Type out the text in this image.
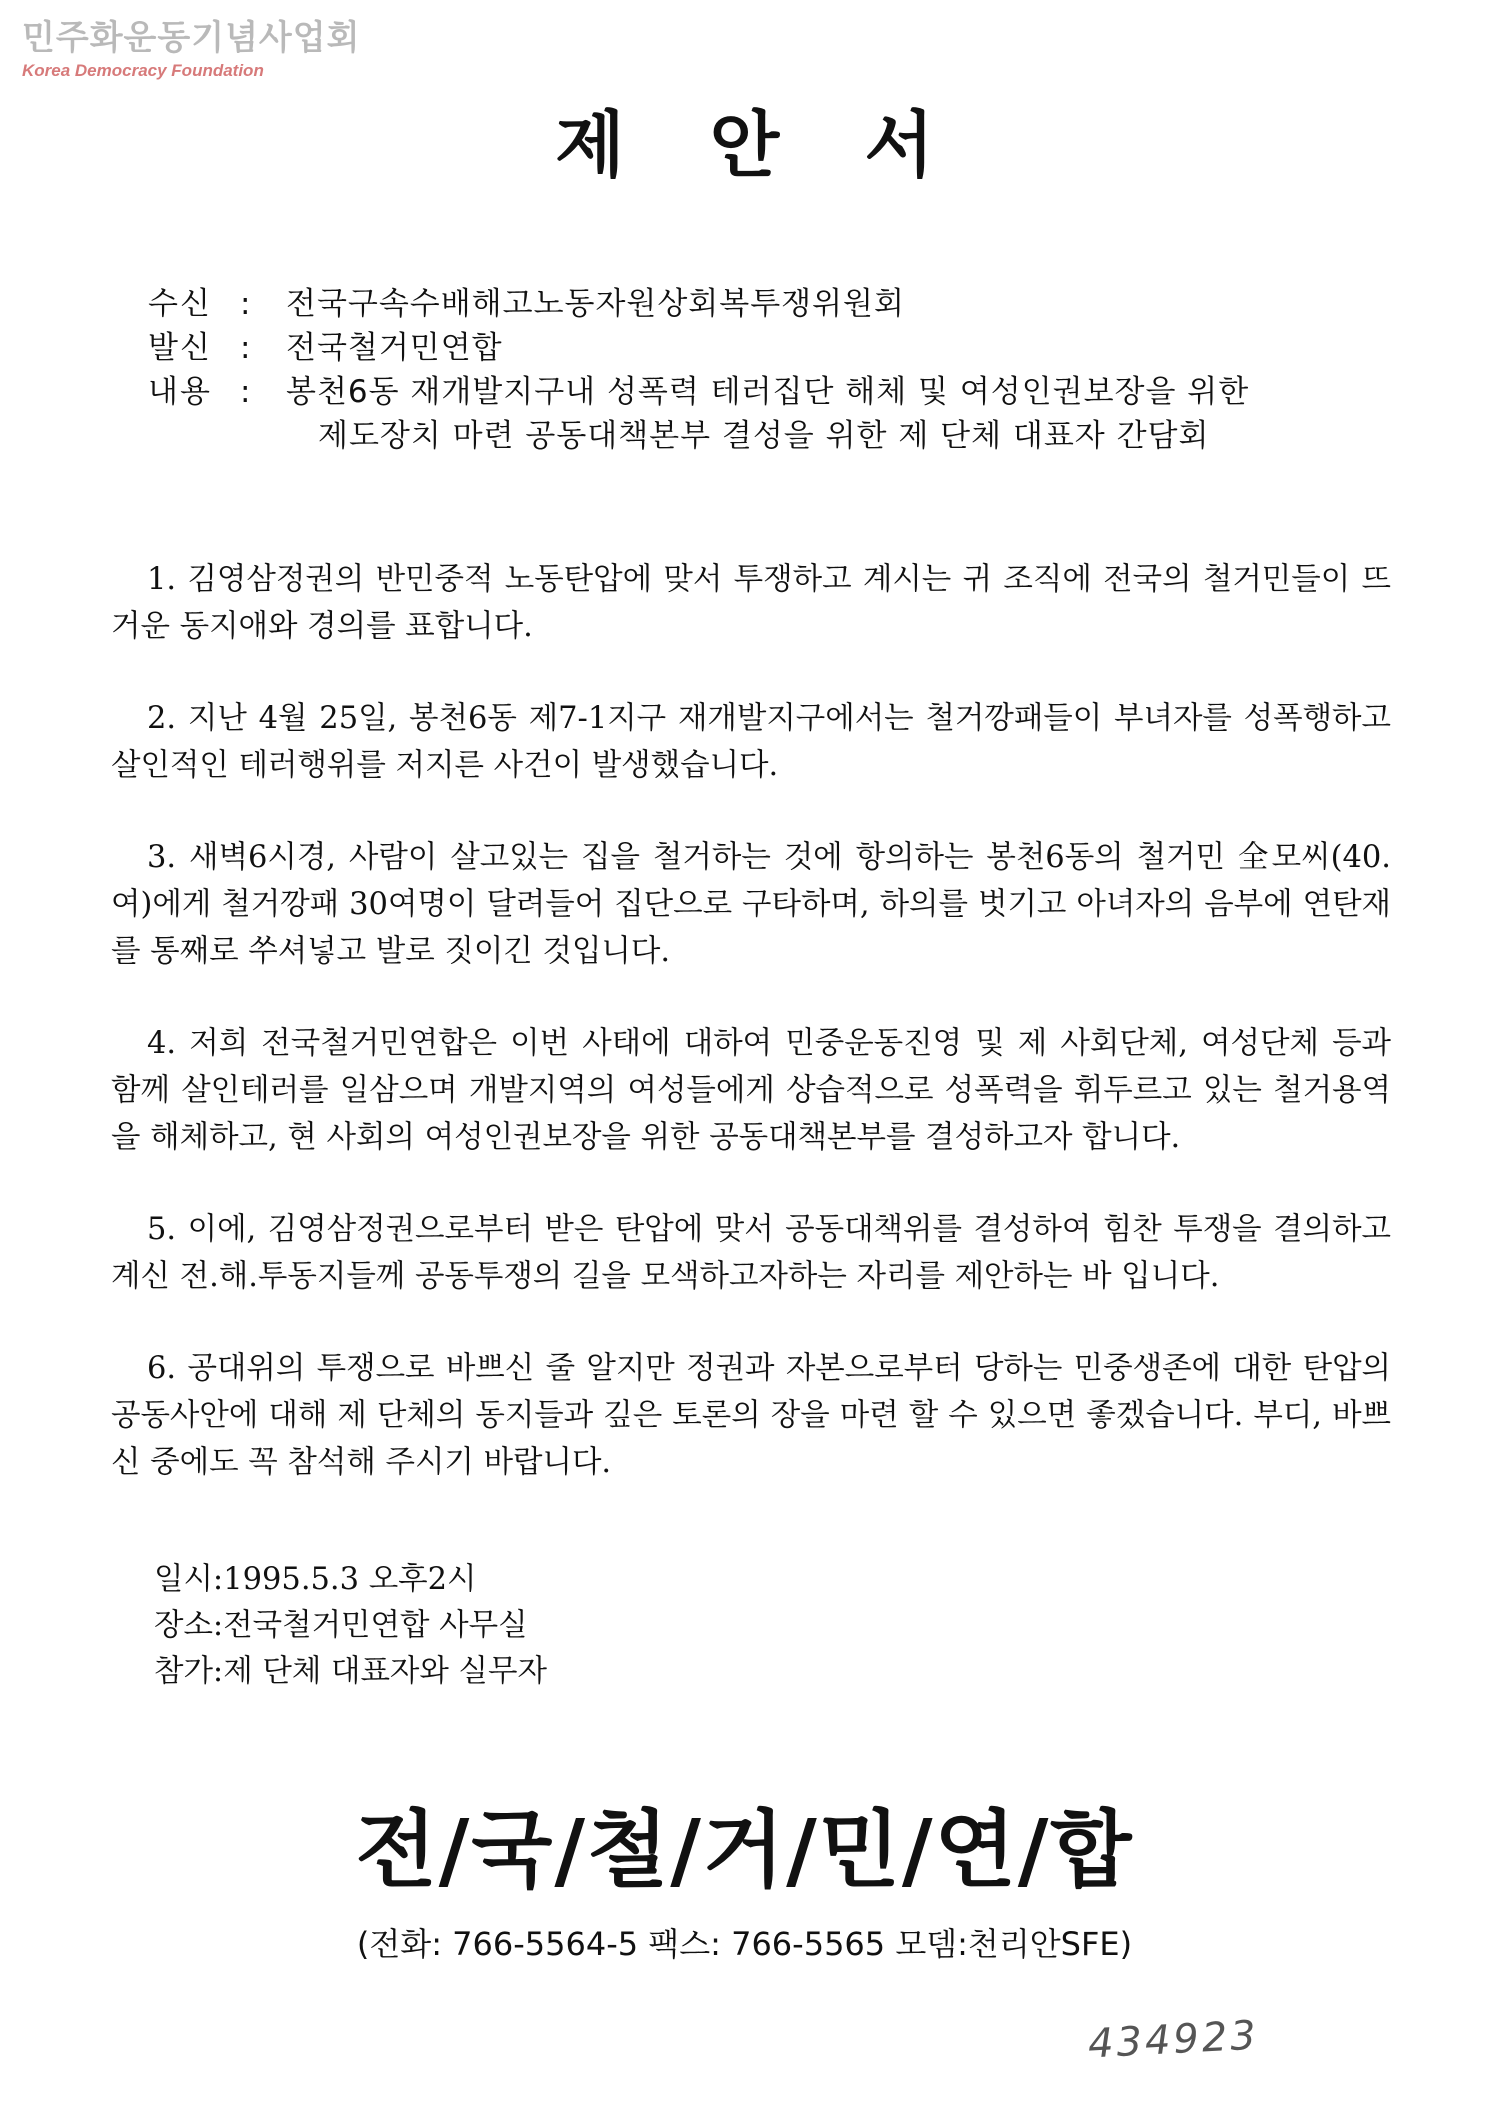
민주화운동기념사업회
Korea Democracy Foundation
제 안 서
수신 :	전국구속수배해고노동자원상회복투쟁위원회
발신 :	전국철거민연합
내용 :	봉천6동 재개발지구내 성폭력 테러집단 해체 및 여성인권보장을 위한
제도장치 마련 공동대책본부 결성을 위한 제 단체 대표자 간담회

1. 김영삼정권의 반민중적 노동탄압에 맞서 투쟁하고 계시는 귀 조직에 전국의 철거민들이 뜨거운 동지애와 경의를 표합니다.

2. 지난 4월 25일, 봉천6동 제7-1지구 재개발지구에서는 철거깡패들이 부녀자를 성폭행하고 살인적인 테러행위를 저지른 사건이 발생했습니다.

3. 새벽6시경, 사람이 살고있는 집을 철거하는 것에 항의하는 봉천6동의 철거민 全모씨(40.여)에게 철거깡패 30여명이 달려들어 집단으로 구타하며, 하의를 벗기고 아녀자의 음부에 연탄재를 통째로 쑤셔넣고 발로 짓이긴 것입니다.

4. 저희 전국철거민연합은 이번 사태에 대하여 민중운동진영 및 제 사회단체, 여성단체 등과 함께 살인테러를 일삼으며 개발지역의 여성들에게 상습적으로 성폭력을 휘두르고 있는 철거용역을 해체하고, 현 사회의 여성인권보장을 위한 공동대책본부를 결성하고자 합니다.

5. 이에, 김영삼정권으로부터 받은 탄압에 맞서 공동대책위를 결성하여 힘찬 투쟁을 결의하고 계신 전.해.투동지들께 공동투쟁의 길을 모색하고자하는 자리를 제안하는 바 입니다.

6. 공대위의 투쟁으로 바쁘신 줄 알지만 정권과 자본으로부터 당하는 민중생존에 대한 탄압의 공동사안에 대해 제 단체의 동지들과 깊은 토론의 장을 마련 할 수 있으면 좋겠습니다. 부디, 바쁘신 중에도 꼭 참석해 주시기 바랍니다.

일시:1995.5.3 오후2시
장소:전국철거민연합 사무실
참가:제 단체 대표자와 실무자
전/국/철/거/민/연/합
(전화: 766-5564-5 팩스: 766-5565 모뎀:천리안SFE)
434923
